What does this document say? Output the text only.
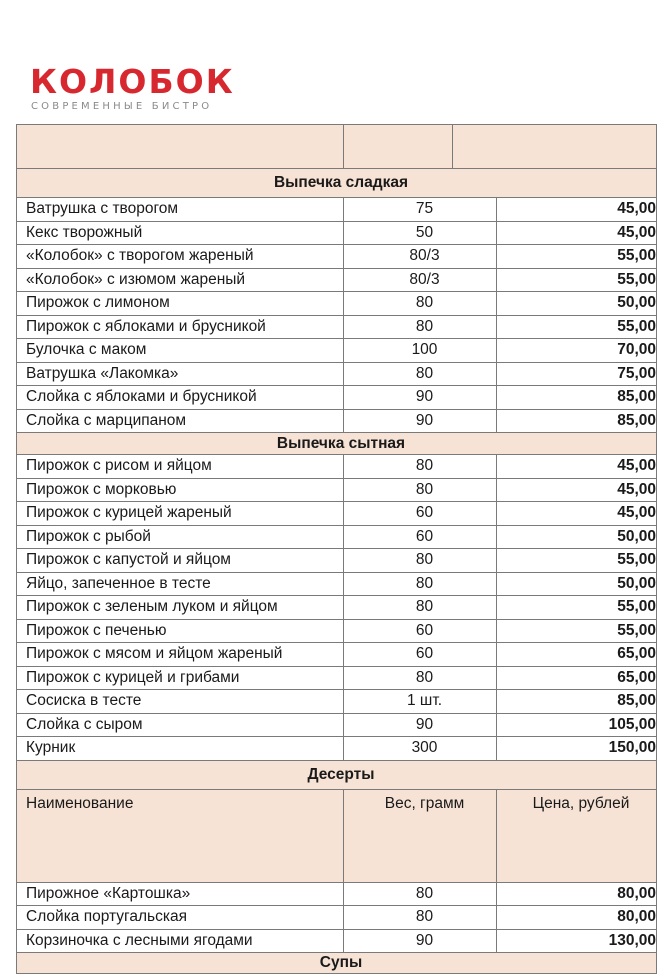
КОЛОБОК
СОВРЕМЕННЫЕ БИСТРО

Выпечка сладкая			
Ватрушка с творогом	75		45,00
Кекс творожный	50		45,00
«Колобок» с творогом жареный	80/3		55,00
«Колобок» с изюмом жареный	80/3		55,00
Пирожок с лимоном	80		50,00
Пирожок с яблоками и брусникой	80		55,00
Булочка с маком	100		70,00
Ватрушка «Лакомка»	80		75,00
Слойка с яблоками и брусникой	90		85,00
Слойка с марципаном	90		85,00
Выпечка сытная			
Пирожок с рисом и яйцом	80		45,00
Пирожок с морковью	80		45,00
Пирожок с курицей жареный	60		45,00
Пирожок с рыбой	60		50,00
Пирожок с капустой и яйцом	80		55,00
Яйцо, запеченное в тесте	80		50,00
Пирожок с зеленым луком и яйцом	80		55,00
Пирожок с печенью	60		55,00
Пирожок с мясом и яйцом жареный	60		65,00
Пирожок с курицей и грибами	80		65,00
Сосиска в тесте	1 шт.		85,00
Слойка с сыром	90		105,00
Курник	300		150,00
Десерты			
Наименование	Вес, грамм		Цена, рублей
Пирожное «Картошка»	80		80,00
Слойка португальская	80		80,00
Корзиночка с лесными ягодами	90		130,00
Супы			
